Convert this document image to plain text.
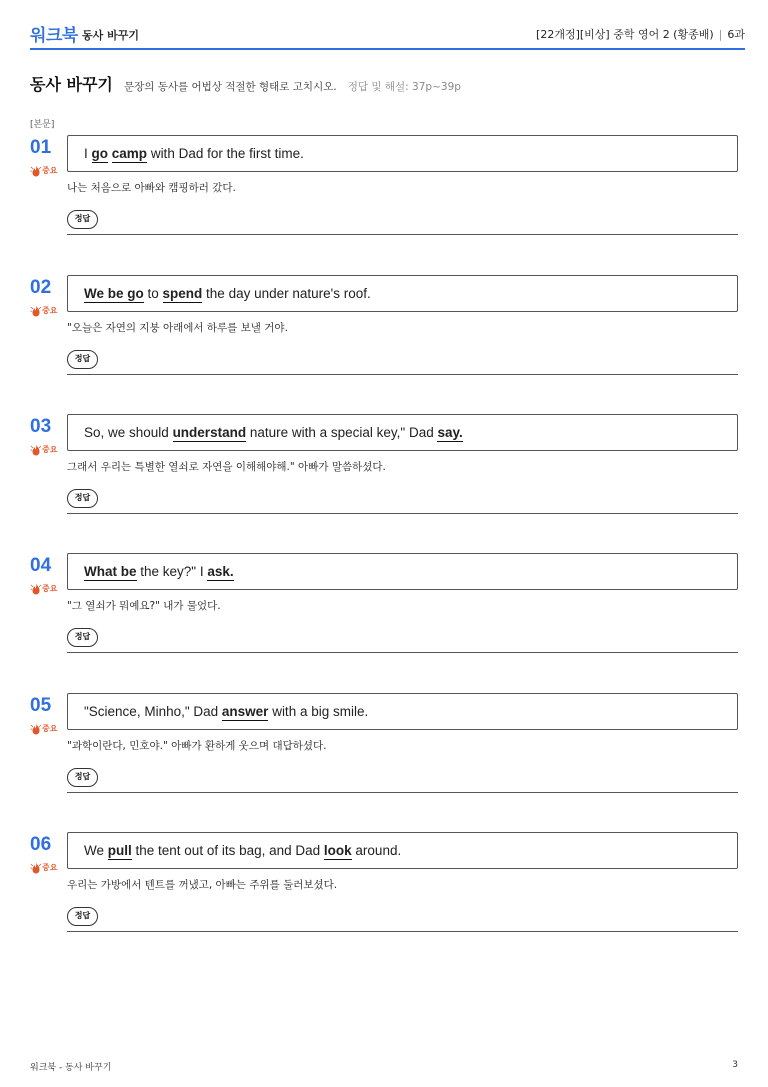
워크북 동사 바꾸기	[22개정][비상] 중학 영어 2 (황종배) | 6과
동사 바꾸기 문장의 동사를 어법상 적절한 형태로 고치시오. 정답 및 해설: 37p~39p
[본문]
01
$^{중요}$
I go camp with Dad for the first time.
나는 처음으로 아빠와 캠핑하러 갔다.
정답
02
$^{중요}$
We be go to spend the day under nature's roof.
"오늘은 자연의 지붕 아래에서 하루를 보낼 거야.
정답
03
$^{중요}$
So, we should understand nature with a special key," Dad say.
그래서 우리는 특별한 열쇠로 자연을 이해해야해." 아빠가 말씀하셨다.
정답
04
$^{중요}$
What be the key?" I ask.
"그 열쇠가 뭐예요?" 내가 물었다.
정답
05
$^{중요}$
"Science, Minho," Dad answer with a big smile.
"과학이란다, 민호야." 아빠가 환하게 웃으며 대답하셨다.
정답
06
$^{중요}$
We pull the tent out of its bag, and Dad look around.
우리는 가방에서 텐트를 꺼냈고, 아빠는 주위를 둘러보셨다.
정답
워크북 - 동사 바꾸기	3
